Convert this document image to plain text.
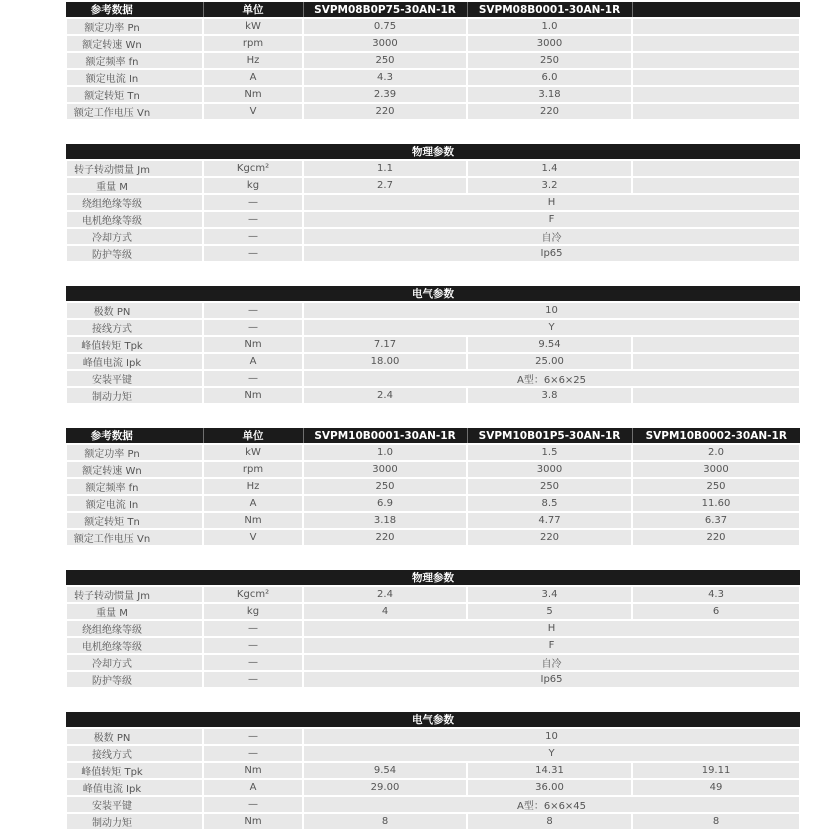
参考数据	单位	SVPM08B0P75-30AN-1R	SVPM08B0001-30AN-1R	
额定功率 Pn	kW	0.75	1.0	
额定转速 Wn	rpm	3000	3000	
额定频率 fn	Hz	250	250	
额定电流 In	A	4.3	6.0	
额定转矩 Tn	Nm	2.39	3.18	
额定工作电压 Vn	V	220	220	
物理参数				
转子转动惯量 Jm	Kgcm²	1.1	1.4	
重量 M	kg	2.7	3.2	
绕组绝缘等级	—	H		
电机绝缘等级	—	F		
冷却方式	—	自冷		
防护等级	—	Ip65		
电气参数				
极数 PN	—	10		
接线方式	—	Y		
峰值转矩 Tpk	Nm	7.17	9.54	
峰值电流 Ipk	A	18.00	25.00	
安装平键	—	A型：6×6×25		
制动力矩	Nm	2.4	3.8	
参考数据	单位	SVPM10B0001-30AN-1R	SVPM10B01P5-30AN-1R	SVPM10B0002-30AN-1R
额定功率 Pn	kW	1.0	1.5	2.0
额定转速 Wn	rpm	3000	3000	3000
额定频率 fn	Hz	250	250	250
额定电流 In	A	6.9	8.5	11.60
额定转矩 Tn	Nm	3.18	4.77	6.37
额定工作电压 Vn	V	220	220	220
物理参数				
转子转动惯量 Jm	Kgcm²	2.4	3.4	4.3
重量 M	kg	4	5	6
绕组绝缘等级	—	H		
电机绝缘等级	—	F		
冷却方式	—	自冷		
防护等级	—	Ip65		
电气参数				
极数 PN	—	10		
接线方式	—	Y		
峰值转矩 Tpk	Nm	9.54	14.31	19.11
峰值电流 Ipk	A	29.00	36.00	49
安装平键	—	A型：6×6×45		
制动力矩	Nm	8	8	8
